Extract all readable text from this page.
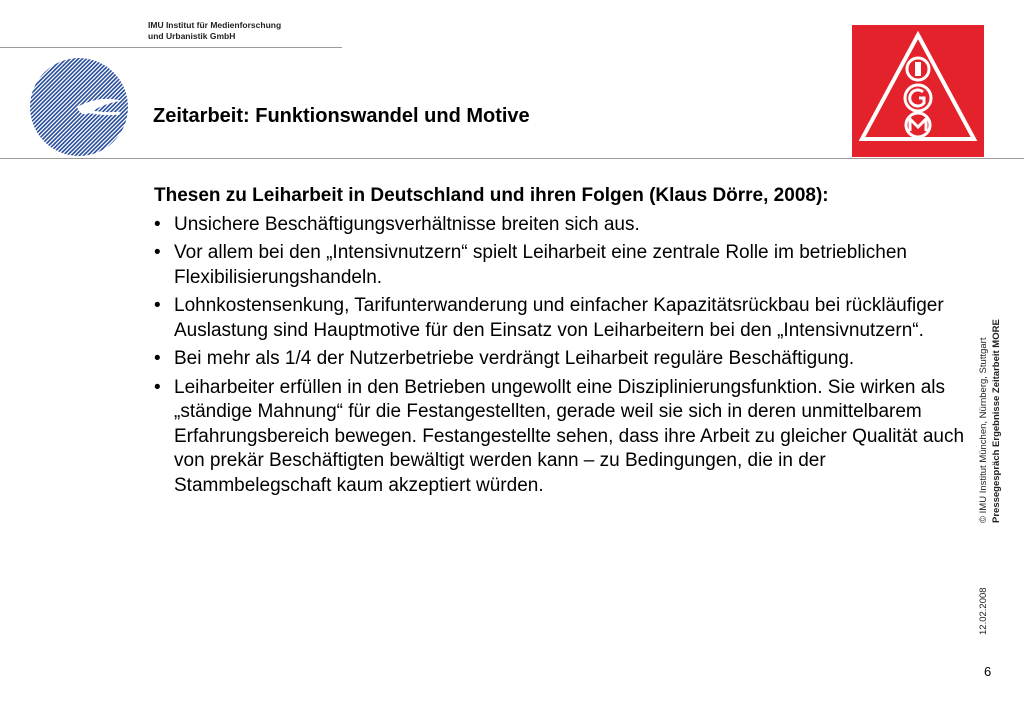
IMU Institut für Medienforschung
und Urbanistik GmbH
Zeitarbeit: Funktionswandel und Motive
Thesen zu Leiharbeit in Deutschland und ihren Folgen (Klaus Dörre, 2008):
• Unsichere Beschäftigungsverhältnisse breiten sich aus.
• Vor allem bei den „Intensivnutzern“ spielt Leiharbeit eine zentrale Rolle im betrieblichen Flexibilisierungshandeln.
• Lohnkostensenkung, Tarifunterwanderung und einfacher Kapazitätsrückbau bei rückläufiger Auslastung sind Hauptmotive für den Einsatz von Leiharbeitern bei den „Intensivnutzern“.
• Bei mehr als 1/4 der Nutzerbetriebe verdrängt Leiharbeit reguläre Beschäftigung.
• Leiharbeiter erfüllen in den Betrieben ungewollt eine Disziplinierungsfunktion. Sie wirken als „ständige Mahnung“ für die Festangestellten, gerade weil sie sich in deren unmittelbarem Erfahrungsbereich bewegen. Festangestellte sehen, dass ihre Arbeit zu gleicher Qualität auch von prekär Beschäftigten bewältigt werden kann – zu Bedingungen, die in der Stammbelegschaft kaum akzeptiert würden.
12.02.2008
© IMU Institut München, Nürnberg, Stuttgart Pressegespräch Ergebnisse Zeitarbeit MORE
6
